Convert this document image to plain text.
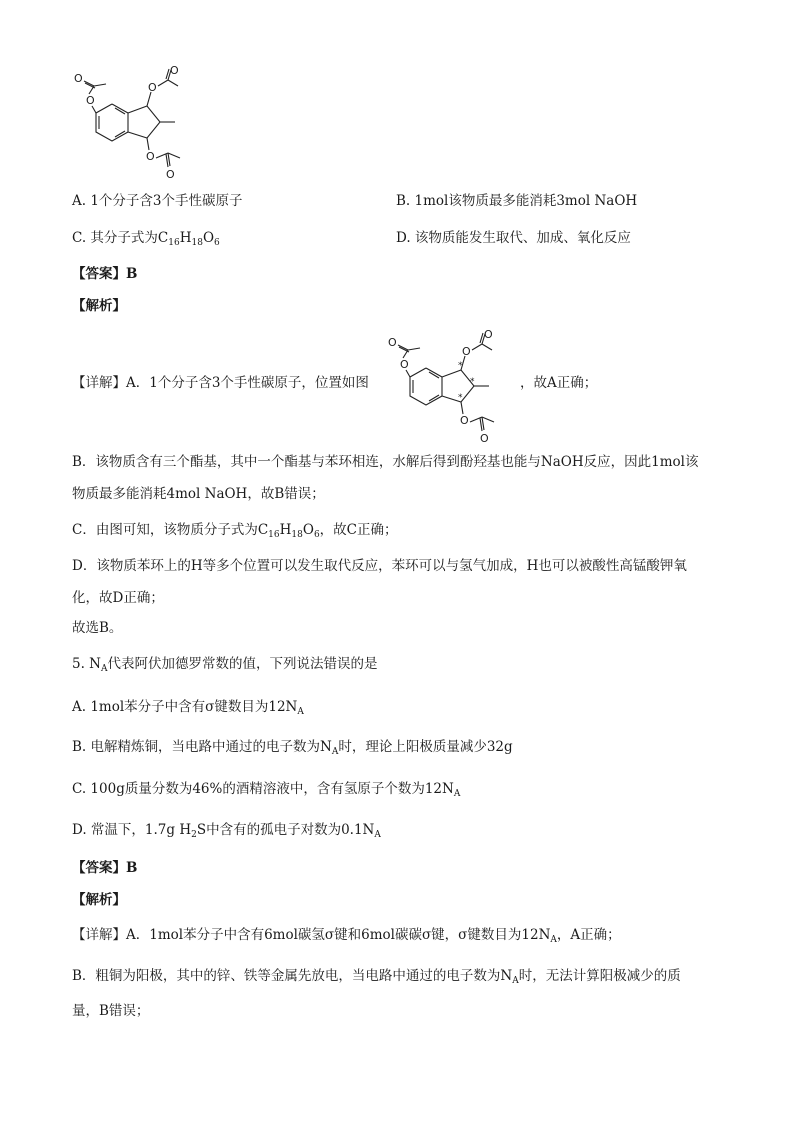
O
O
O
O
O
O
A. 1个分子含3个手性碳原子	B. 1mol该物质最多能消耗3mol NaOH
C. 其分子式为$C_{16}H_{18}O_6$	D. 该物质能发生取代、加成、氧化反应
【答案】B
【解析】
【详解】A．1个分子含3个手性碳原子，位置如图
O
O
O
O
O
O
*
*
*
，故A正确；
B．该物质含有三个酯基，其中一个酯基与苯环相连，水解后得到酚羟基也能与NaOH反应，因此1mol该
物质最多能消耗4mol NaOH，故B错误；
C．由图可知，该物质分子式为$C_{16}H_{18}O_6$，故C正确；
D．该物质苯环上的H等多个位置可以发生取代反应，苯环可以与氢气加成，H也可以被酸性高锰酸钾氧
化，故D正确；
故选B。
5. $N_A$代表阿伏加德罗常数的值，下列说法错误的是
A. 1mol苯分子中含有σ键数目为$12N_A$
B. 电解精炼铜，当电路中通过的电子数为$N_A$时，理论上阳极质量减少32g
C. 100g质量分数为46%的酒精溶液中，含有氢原子个数为$12N_A$
D. 常温下，1.7g $H_2S$中含有的孤电子对数为$0.1N_A$
【答案】B
【解析】
【详解】A．1mol苯分子中含有6mol碳氢σ键和6mol碳碳σ键，σ键数目为$12N_A$，A正确；
B．粗铜为阳极，其中的锌、铁等金属先放电，当电路中通过的电子数为$N_A$时，无法计算阳极减少的质
量，B错误；
